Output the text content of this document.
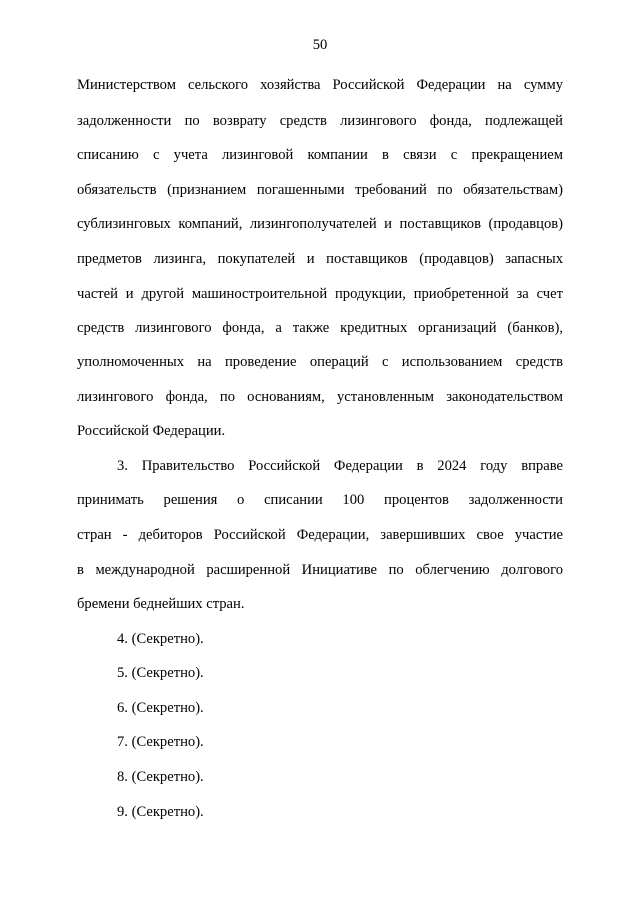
50
Министерством сельского хозяйства Российской Федерации на сумму
задолженности по возврату средств лизингового фонда, подлежащей
списанию с учета лизинговой компании в связи с прекращением
обязательств (признанием погашенными требований по обязательствам)
сублизинговых компаний, лизингополучателей и поставщиков (продавцов)
предметов лизинга, покупателей и поставщиков (продавцов) запасных
частей и другой машиностроительной продукции, приобретенной за счет
средств лизингового фонда, а также кредитных организаций (банков),
уполномоченных на проведение операций с использованием средств
лизингового фонда, по основаниям, установленным законодательством
Российской Федерации.
3. Правительство Российской Федерации в 2024 году вправе
принимать решения о списании 100 процентов задолженности
стран - дебиторов Российской Федерации, завершивших свое участие
в международной расширенной Инициативе по облегчению долгового
бремени беднейших стран.
4. (Секретно).
5. (Секретно).
6. (Секретно).
7. (Секретно).
8. (Секретно).
9. (Секретно).
